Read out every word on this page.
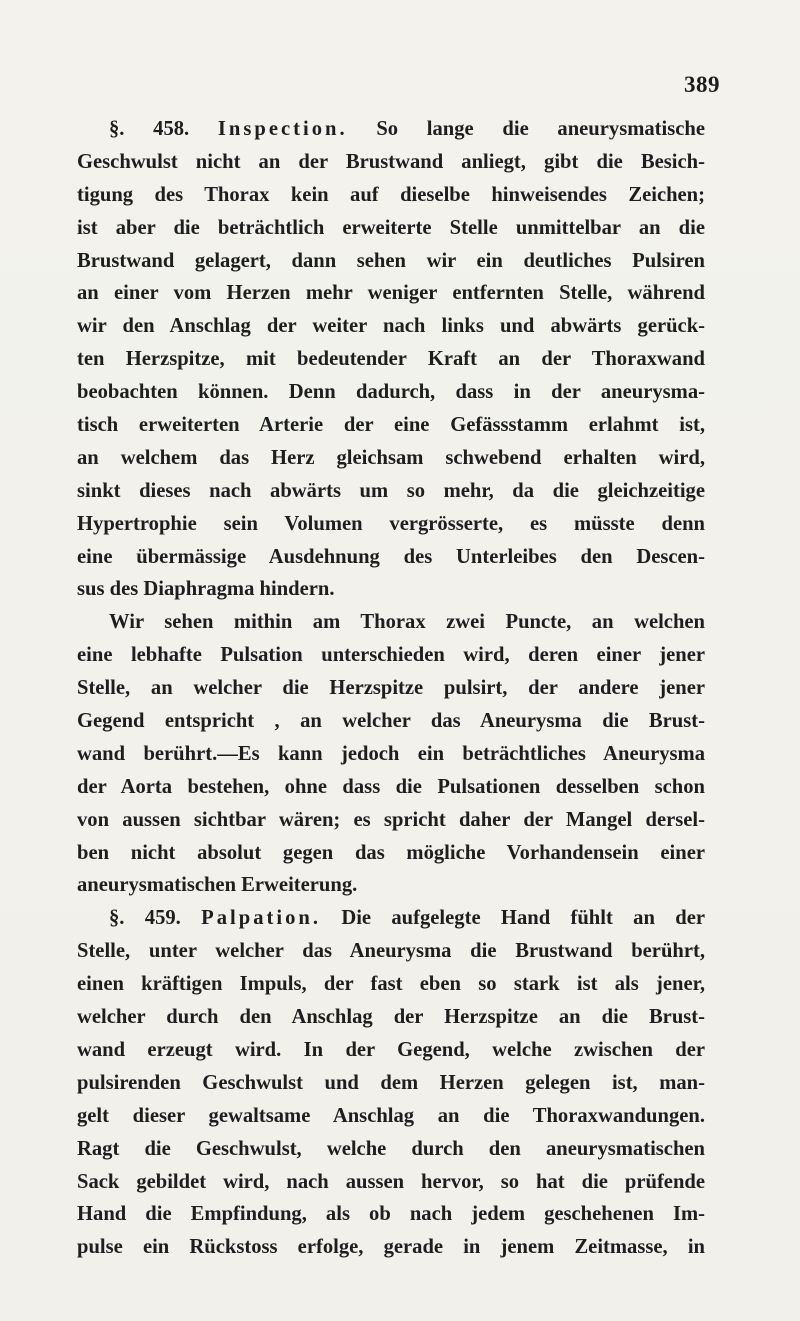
389
§. 458. Inspection. So lange die aneurysmatische
Geschwulst nicht an der Brustwand anliegt, gibt die Besich-
tigung des Thorax kein auf dieselbe hinweisendes Zeichen;
ist aber die beträchtlich erweiterte Stelle unmittelbar an die
Brustwand gelagert, dann sehen wir ein deutliches Pulsiren
an einer vom Herzen mehr weniger entfernten Stelle, während
wir den Anschlag der weiter nach links und abwärts gerück-
ten Herzspitze, mit bedeutender Kraft an der Thoraxwand
beobachten können. Denn dadurch, dass in der aneurysma-
tisch erweiterten Arterie der eine Gefässstamm erlahmt ist,
an welchem das Herz gleichsam schwebend erhalten wird,
sinkt dieses nach abwärts um so mehr, da die gleichzeitige
Hypertrophie sein Volumen vergrösserte, es müsste denn
eine übermässige Ausdehnung des Unterleibes den Descen-
sus des Diaphragma hindern.
Wir sehen mithin am Thorax zwei Puncte, an welchen
eine lebhafte Pulsation unterschieden wird, deren einer jener
Stelle, an welcher die Herzspitze pulsirt, der andere jener
Gegend entspricht , an welcher das Aneurysma die Brust-
wand berührt.—Es kann jedoch ein beträchtliches Aneurysma
der Aorta bestehen, ohne dass die Pulsationen desselben schon
von aussen sichtbar wären; es spricht daher der Mangel dersel-
ben nicht absolut gegen das mögliche Vorhandensein einer
aneurysmatischen Erweiterung.
§. 459. Palpation. Die aufgelegte Hand fühlt an der
Stelle, unter welcher das Aneurysma die Brustwand berührt,
einen kräftigen Impuls, der fast eben so stark ist als jener,
welcher durch den Anschlag der Herzspitze an die Brust-
wand erzeugt wird. In der Gegend, welche zwischen der
pulsirenden Geschwulst und dem Herzen gelegen ist, man-
gelt dieser gewaltsame Anschlag an die Thoraxwandungen.
Ragt die Geschwulst, welche durch den aneurysmatischen
Sack gebildet wird, nach aussen hervor, so hat die prüfende
Hand die Empfindung, als ob nach jedem geschehenen Im-
pulse ein Rückstoss erfolge, gerade in jenem Zeitmasse, in
